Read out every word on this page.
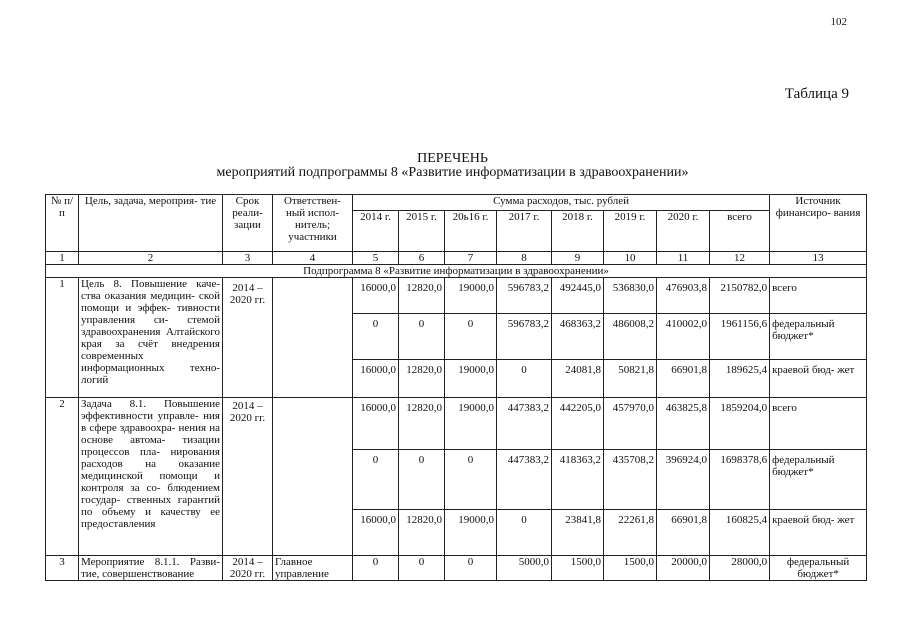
102
Таблица 9
ПЕРЕЧЕНЬ
мероприятий подпрограммы 8 «Развитие информатизации в здравоохранении»
№ п/п	Цель, задача, мероприя- тие	Срок реали- зации	Ответствен- ный испол- нитель; участники	Сумма расходов, тыс. рублей								Источник финансиро- вания
				2014 г.	2015 г.	20ь16 г.	2017 г.	2018 г.	2019 г.	2020 г.	всего	
1	2	3	4	5	6	7	8	9	10	11	12	13
Подпрограмма 8 «Развитие информатизации в здравоохранении»												
1	Цель 8. Повышение каче- ства оказания медицин- ской помощи и эффек- тивности управления си- стемой здравоохранения Алтайского края за счёт внедрения современных информационных техно- логий	2014 – 2020 гг.		16000,0	12820,0	19000,0	596783,2	492445,0	536830,0	476903,8	2150782,0	всего
				0	0	0	596783,2	468363,2	486008,2	410002,0	1961156,6	федеральный бюджет*
				16000,0	12820,0	19000,0	0	24081,8	50821,8	66901,8	189625,4	краевой бюд- жет
2	Задача 8.1. Повышение эффективности управле- ния в сфере здравоохра- нения на основе автома- тизации процессов пла- нирования расходов на оказание медицинской помощи и контроля за со- блюдением государ- ственных гарантий по объему и качеству ее предоставления	2014 – 2020 гг.		16000,0	12820,0	19000,0	447383,2	442205,0	457970,0	463825,8	1859204,0	всего
				0	0	0	447383,2	418363,2	435708,2	396924,0	1698378,6	федеральный бюджет*
				16000,0	12820,0	19000,0	0	23841,8	22261,8	66901,8	160825,4	краевой бюд- жет
3	Мероприятие 8.1.1. Разви- тие, совершенствование	2014 – 2020 гг.	Главное управление	0	0	0	5000,0	1500,0	1500,0	20000,0	28000,0	федеральный бюджет*
